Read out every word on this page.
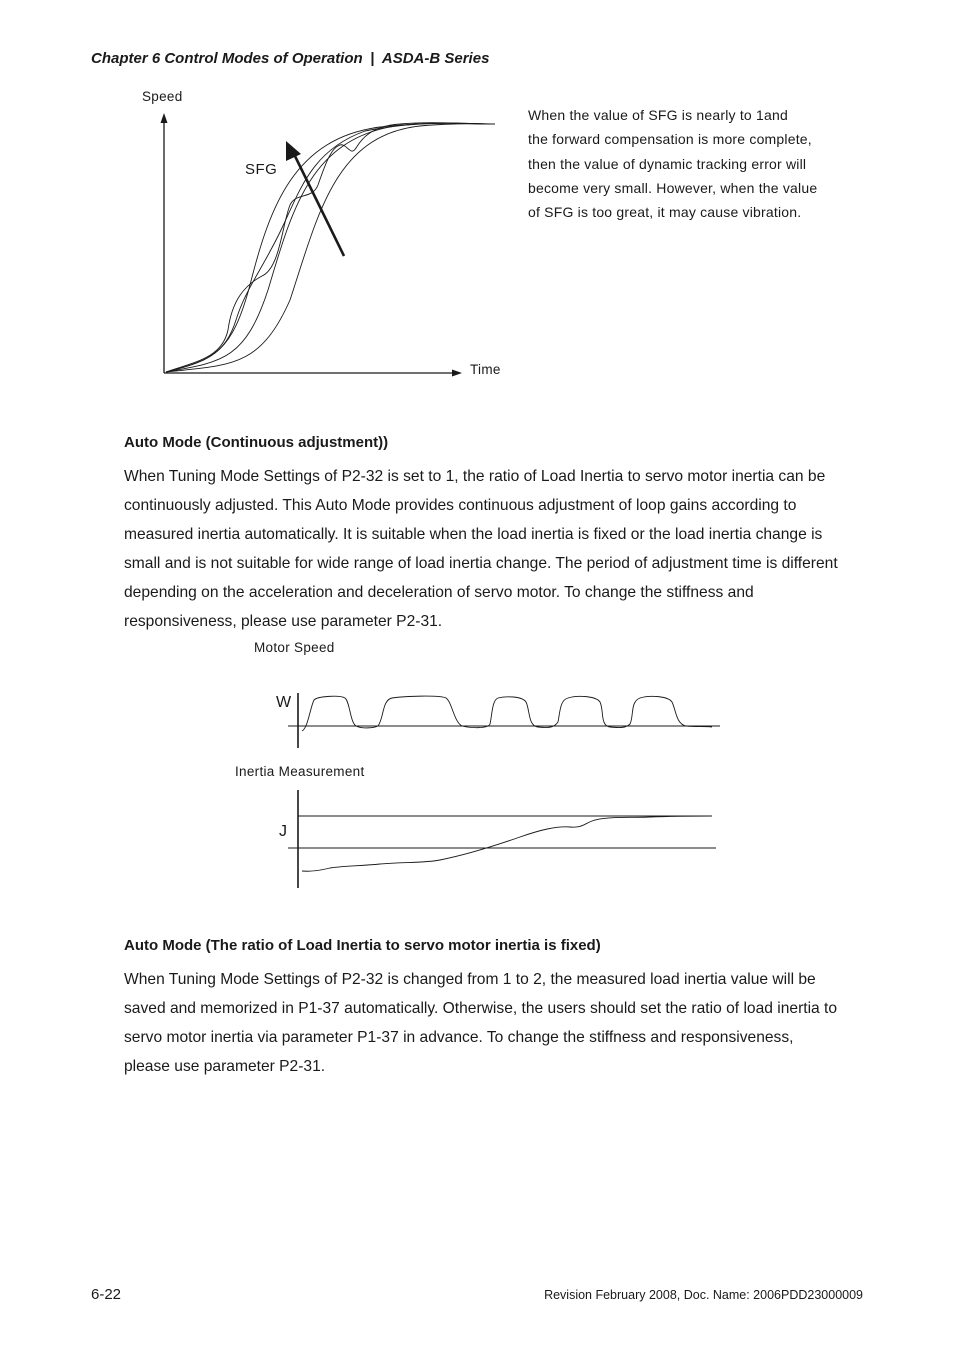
Chapter 6 Control Modes of Operation | ASDA-B Series
Speed
Time
SFG
When the value of SFG is nearly to 1and
the forward compensation is more complete,
then the value of dynamic tracking error will
become very small. However, when the value
of SFG is too great, it may cause vibration.
Auto Mode (Continuous adjustment))
When Tuning Mode Settings of P2-32 is set to 1, the ratio of Load Inertia to servo motor inertia can be
continuously adjusted. This Auto Mode provides continuous adjustment of loop gains according to
measured inertia automatically. It is suitable when the load inertia is fixed or the load inertia change is
small and is not suitable for wide range of load inertia change. The period of adjustment time is different
depending on the acceleration and deceleration of servo motor. To change the stiffness and
responsiveness, please use parameter P2-31.
Motor Speed
W
Inertia Measurement
J
Auto Mode (The ratio of Load Inertia to servo motor inertia is fixed)
When Tuning Mode Settings of P2-32 is changed from 1 to 2, the measured load inertia value will be
saved and memorized in P1-37 automatically. Otherwise, the users should set the ratio of load inertia to
servo motor inertia via parameter P1-37 in advance. To change the stiffness and responsiveness,
please use parameter P2-31.
6-22	Revision February 2008, Doc. Name: 2006PDD23000009
